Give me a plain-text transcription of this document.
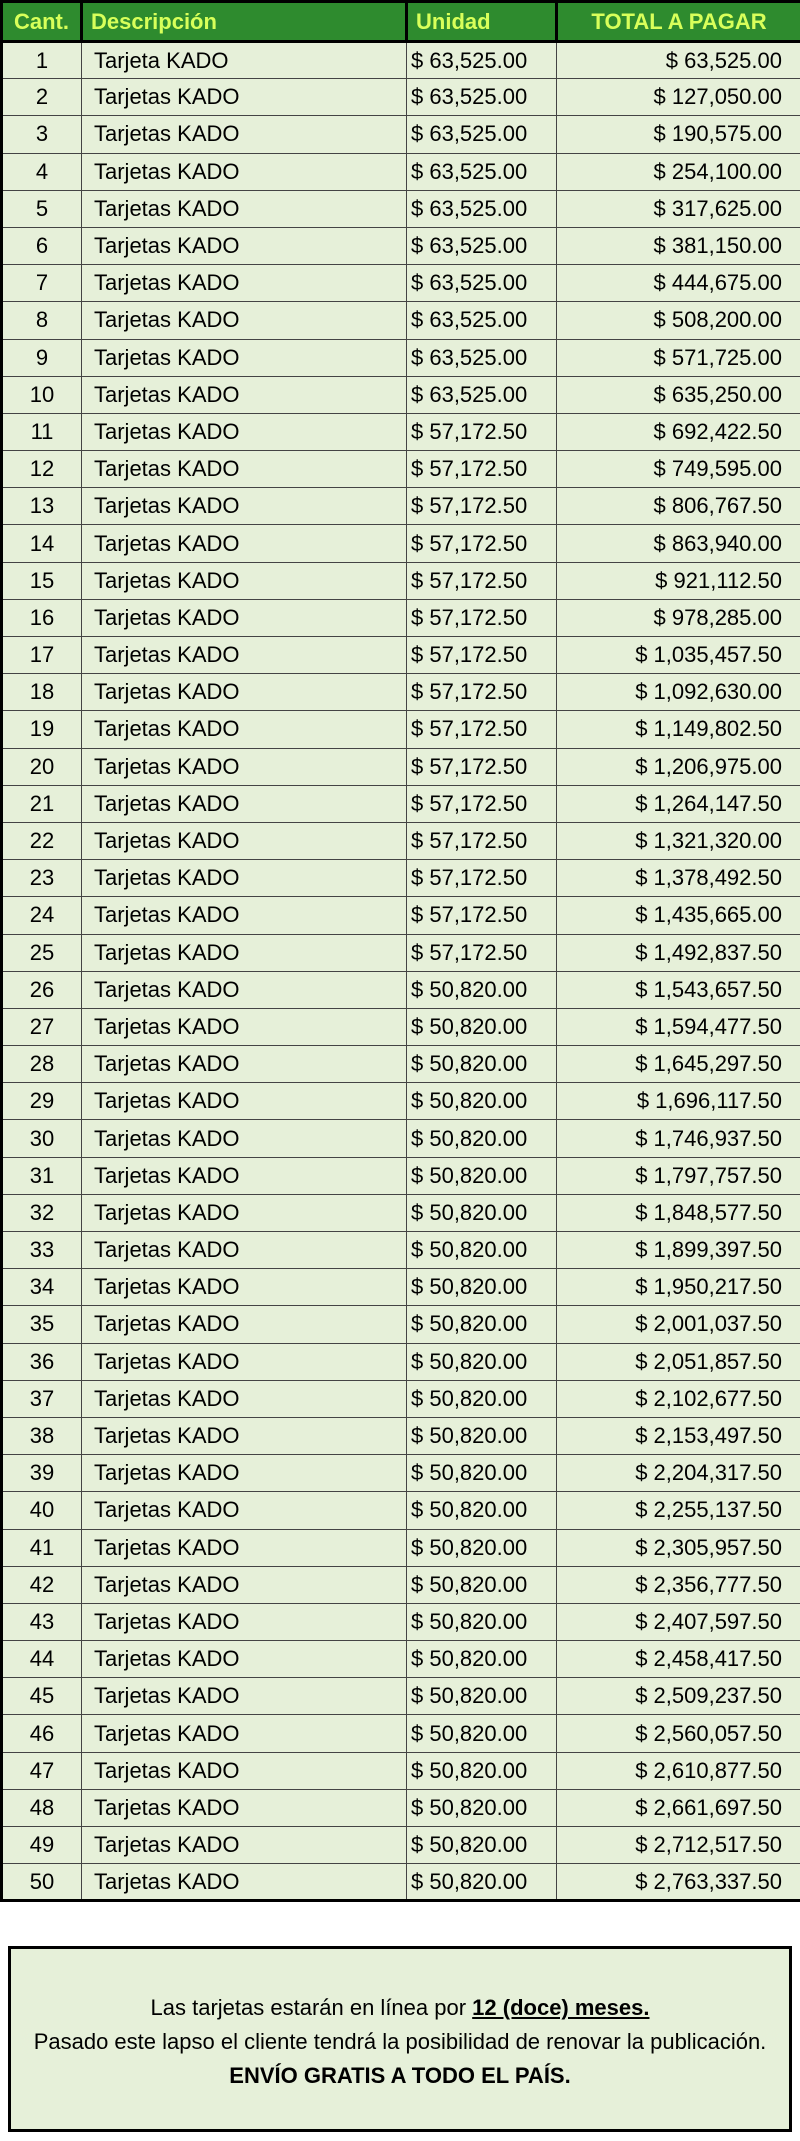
Cant.	Descripción	Unidad	TOTAL A PAGAR
1	Tarjeta KADO	$ 63,525.00	$ 63,525.00
2	Tarjetas KADO	$ 63,525.00	$ 127,050.00
3	Tarjetas KADO	$ 63,525.00	$ 190,575.00
4	Tarjetas KADO	$ 63,525.00	$ 254,100.00
5	Tarjetas KADO	$ 63,525.00	$ 317,625.00
6	Tarjetas KADO	$ 63,525.00	$ 381,150.00
7	Tarjetas KADO	$ 63,525.00	$ 444,675.00
8	Tarjetas KADO	$ 63,525.00	$ 508,200.00
9	Tarjetas KADO	$ 63,525.00	$ 571,725.00
10	Tarjetas KADO	$ 63,525.00	$ 635,250.00
11	Tarjetas KADO	$ 57,172.50	$ 692,422.50
12	Tarjetas KADO	$ 57,172.50	$ 749,595.00
13	Tarjetas KADO	$ 57,172.50	$ 806,767.50
14	Tarjetas KADO	$ 57,172.50	$ 863,940.00
15	Tarjetas KADO	$ 57,172.50	$ 921,112.50
16	Tarjetas KADO	$ 57,172.50	$ 978,285.00
17	Tarjetas KADO	$ 57,172.50	$ 1,035,457.50
18	Tarjetas KADO	$ 57,172.50	$ 1,092,630.00
19	Tarjetas KADO	$ 57,172.50	$ 1,149,802.50
20	Tarjetas KADO	$ 57,172.50	$ 1,206,975.00
21	Tarjetas KADO	$ 57,172.50	$ 1,264,147.50
22	Tarjetas KADO	$ 57,172.50	$ 1,321,320.00
23	Tarjetas KADO	$ 57,172.50	$ 1,378,492.50
24	Tarjetas KADO	$ 57,172.50	$ 1,435,665.00
25	Tarjetas KADO	$ 57,172.50	$ 1,492,837.50
26	Tarjetas KADO	$ 50,820.00	$ 1,543,657.50
27	Tarjetas KADO	$ 50,820.00	$ 1,594,477.50
28	Tarjetas KADO	$ 50,820.00	$ 1,645,297.50
29	Tarjetas KADO	$ 50,820.00	$ 1,696,117.50
30	Tarjetas KADO	$ 50,820.00	$ 1,746,937.50
31	Tarjetas KADO	$ 50,820.00	$ 1,797,757.50
32	Tarjetas KADO	$ 50,820.00	$ 1,848,577.50
33	Tarjetas KADO	$ 50,820.00	$ 1,899,397.50
34	Tarjetas KADO	$ 50,820.00	$ 1,950,217.50
35	Tarjetas KADO	$ 50,820.00	$ 2,001,037.50
36	Tarjetas KADO	$ 50,820.00	$ 2,051,857.50
37	Tarjetas KADO	$ 50,820.00	$ 2,102,677.50
38	Tarjetas KADO	$ 50,820.00	$ 2,153,497.50
39	Tarjetas KADO	$ 50,820.00	$ 2,204,317.50
40	Tarjetas KADO	$ 50,820.00	$ 2,255,137.50
41	Tarjetas KADO	$ 50,820.00	$ 2,305,957.50
42	Tarjetas KADO	$ 50,820.00	$ 2,356,777.50
43	Tarjetas KADO	$ 50,820.00	$ 2,407,597.50
44	Tarjetas KADO	$ 50,820.00	$ 2,458,417.50
45	Tarjetas KADO	$ 50,820.00	$ 2,509,237.50
46	Tarjetas KADO	$ 50,820.00	$ 2,560,057.50
47	Tarjetas KADO	$ 50,820.00	$ 2,610,877.50
48	Tarjetas KADO	$ 50,820.00	$ 2,661,697.50
49	Tarjetas KADO	$ 50,820.00	$ 2,712,517.50
50	Tarjetas KADO	$ 50,820.00	$ 2,763,337.50
Las tarjetas estarán en línea por 12 (doce) meses.
Pasado este lapso el cliente tendrá la posibilidad de renovar la publicación.
ENVÍO GRATIS A TODO EL PAÍS.
